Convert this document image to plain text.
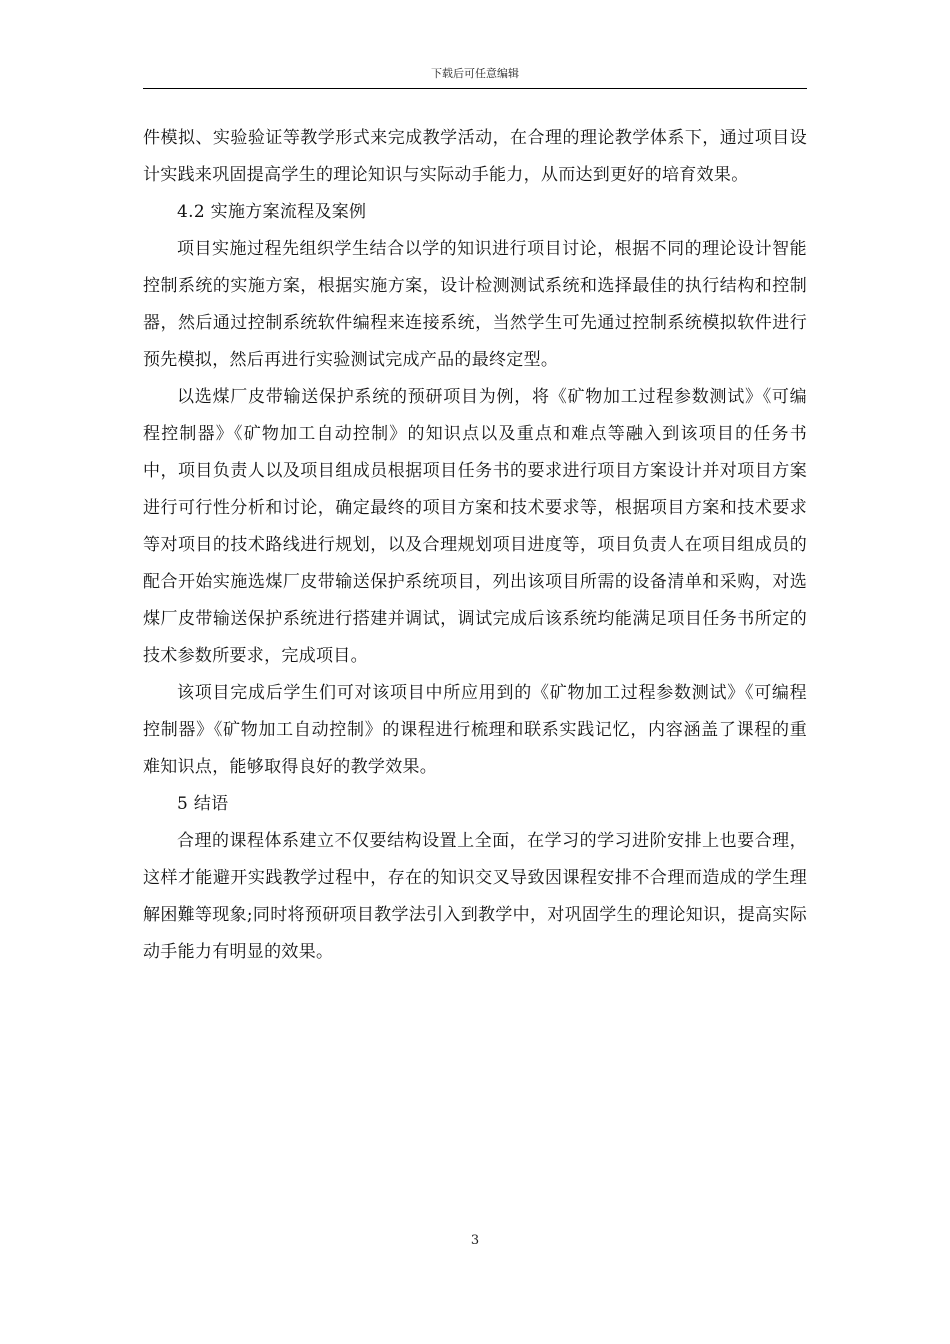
下载后可任意编辑

件模拟、实验验证等教学形式来完成教学活动，在合理的理论教学体系下，通过项目设计实践来巩固提高学生的理论知识与实际动手能力，从而达到更好的培育效果。

4.2 实施方案流程及案例

项目实施过程先组织学生结合以学的知识进行项目讨论，根据不同的理论设计智能控制系统的实施方案，根据实施方案，设计检测测试系统和选择最佳的执行结构和控制器，然后通过控制系统软件编程来连接系统，当然学生可先通过控制系统模拟软件进行预先模拟，然后再进行实验测试完成产品的最终定型。

以选煤厂皮带输送保护系统的预研项目为例，将《矿物加工过程参数测试》《可编程控制器》《矿物加工自动控制》的知识点以及重点和难点等融入到该项目的任务书中，项目负责人以及项目组成员根据项目任务书的要求进行项目方案设计并对项目方案进行可行性分析和讨论，确定最终的项目方案和技术要求等，根据项目方案和技术要求等对项目的技术路线进行规划，以及合理规划项目进度等，项目负责人在项目组成员的配合开始实施选煤厂皮带输送保护系统项目，列出该项目所需的设备清单和采购，对选煤厂皮带输送保护系统进行搭建并调试，调试完成后该系统均能满足项目任务书所定的技术参数所要求，完成项目。

该项目完成后学生们可对该项目中所应用到的《矿物加工过程参数测试》《可编程控制器》《矿物加工自动控制》的课程进行梳理和联系实践记忆，内容涵盖了课程的重难知识点，能够取得良好的教学效果。

5 结语

合理的课程体系建立不仅要结构设置上全面，在学习的学习进阶安排上也要合理，这样才能避开实践教学过程中，存在的知识交叉导致因课程安排不合理而造成的学生理解困難等现象;同时将预研项目教学法引入到教学中，对巩固学生的理论知识，提高实际动手能力有明显的效果。

3
